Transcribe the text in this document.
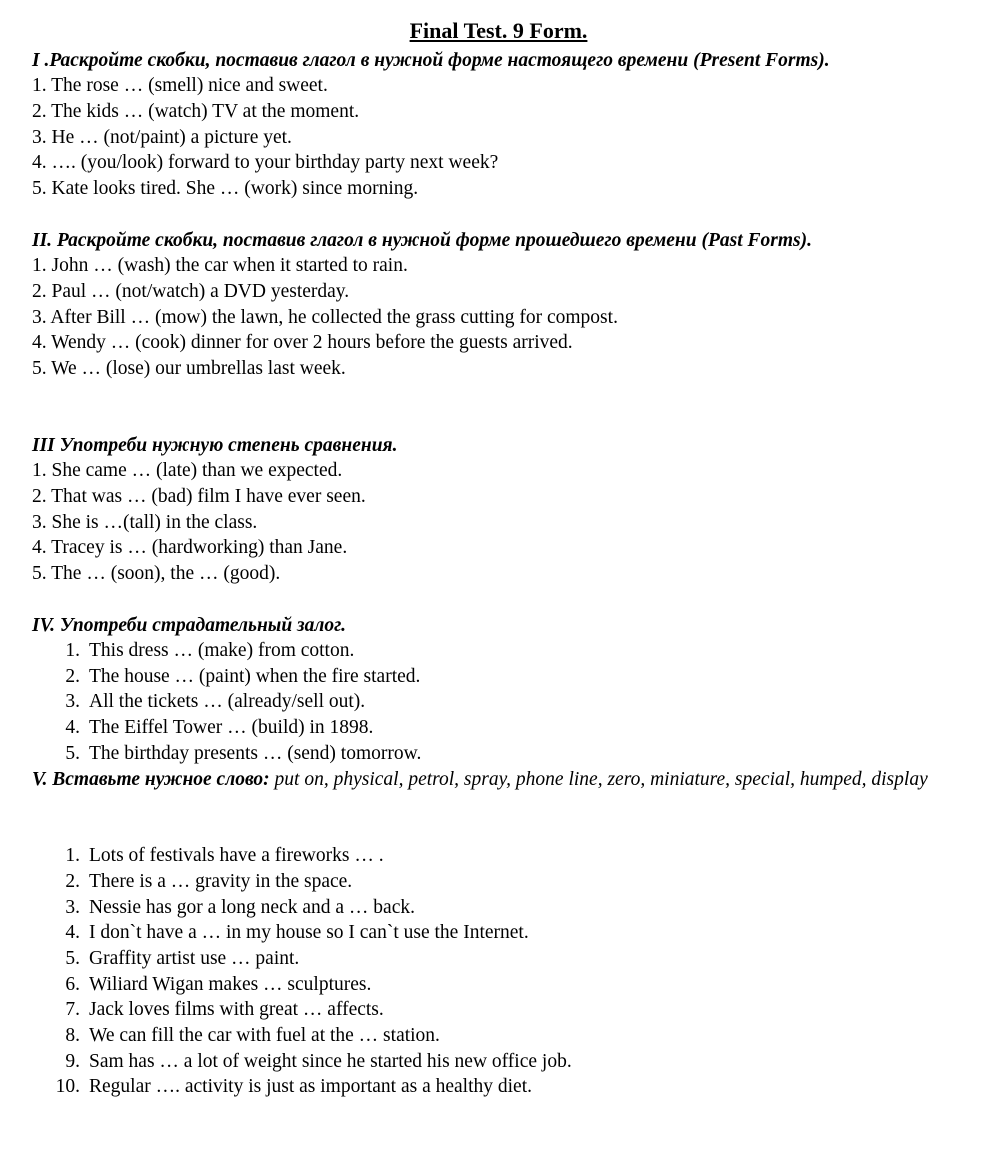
Final Test. 9 Form.
I .Раскройте скобки, поставив глагол в нужной форме настоящего времени (Present Forms).
1. The rose … (smell) nice and sweet.
2. The kids … (watch) TV at the moment.
3. He … (not/paint) a picture yet.
4. …. (you/look) forward to your birthday party next week?
5. Kate looks tired. She … (work) since morning.
II. Раскройте скобки, поставив глагол в нужной форме прошедшего времени (Past Forms).
1. John … (wash) the car when it started to rain.
2. Paul … (not/watch) a DVD yesterday.
3. After Bill … (mow) the lawn, he collected the grass cutting for compost.
4. Wendy … (cook) dinner for over 2 hours before the guests arrived.
5. We … (lose) our umbrellas last week.
III Употреби нужную степень сравнения.
1. She came … (late) than we expected.
2. That was … (bad) film I have ever seen.
3. She is …(tall) in the class.
4. Tracey is … (hardworking) than Jane.
5. The … (soon), the … (good).
IV. Употреби страдательный залог.
1. This dress … (make) from cotton.
2. The house … (paint) when the fire started.
3. All the tickets … (already/sell out).
4. The Eiffel Tower … (build) in 1898.
5. The birthday presents … (send) tomorrow.
V. Вставьте нужное слово: put on, physical, petrol, spray, phone line, zero, miniature, special, humped, display
1. Lots of festivals have a fireworks … .
2. There is a … gravity in the space.
3. Nessie has gor a long neck and a … back.
4. I don`t have a … in my house so I can`t use the Internet.
5. Graffity artist use … paint.
6. Wiliard Wigan makes … sculptures.
7. Jack loves films with great … affects.
8. We can fill the car with fuel at the … station.
9. Sam has … a lot of weight since he started his new office job.
10. Regular …. activity is just as important as a healthy diet.
